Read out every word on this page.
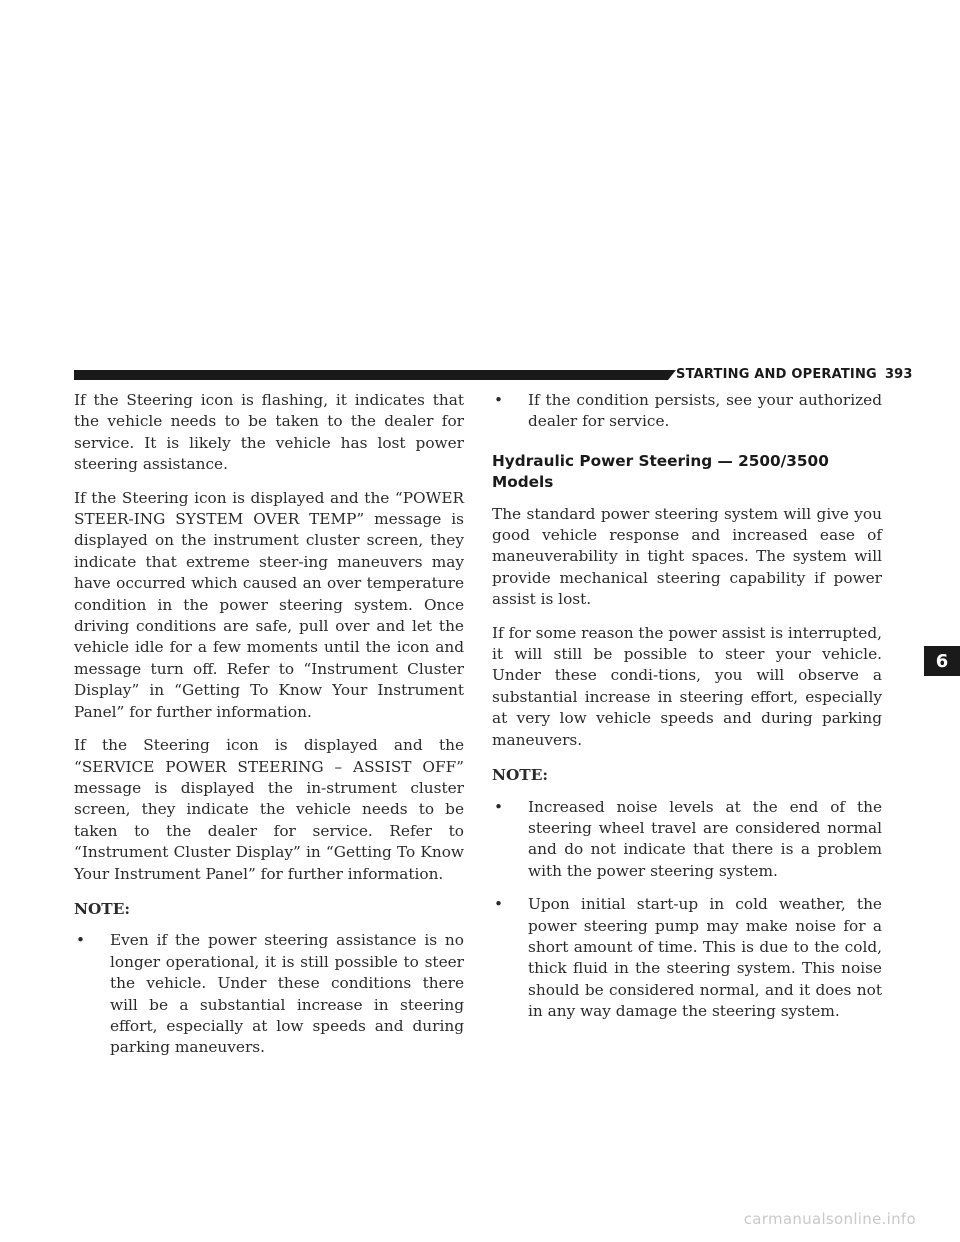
STARTING AND OPERATING 393

If the Steering icon is flashing, it indicates that the vehicle needs to be taken to the dealer for service. It is likely the vehicle has lost power steering assistance.

If the Steering icon is displayed and the “POWER STEER-ING SYSTEM OVER TEMP” message is displayed on the instrument cluster screen, they indicate that extreme steer-ing maneuvers may have occurred which caused an over temperature condition in the power steering system. Once driving conditions are safe, pull over and let the vehicle idle for a few moments until the icon and message turn off. Refer to “Instrument Cluster Display” in “Getting To Know Your Instrument Panel” for further information.

If the Steering icon is displayed and the “SERVICE POWER STEERING – ASSIST OFF” message is displayed the in-strument cluster screen, they indicate the vehicle needs to be taken to the dealer for service. Refer to “Instrument Cluster Display” in “Getting To Know Your Instrument Panel” for further information.

NOTE:
• Even if the power steering assistance is no longer operational, it is still possible to steer the vehicle. Under these conditions there will be a substantial increase in steering effort, especially at low speeds and during parking maneuvers.
• If the condition persists, see your authorized dealer for service.
Hydraulic Power Steering — 2500/3500 Models

The standard power steering system will give you good vehicle response and increased ease of maneuverability in tight spaces. The system will provide mechanical steering capability if power assist is lost.

If for some reason the power assist is interrupted, it will still be possible to steer your vehicle. Under these condi-tions, you will observe a substantial increase in steering effort, especially at very low vehicle speeds and during parking maneuvers.

NOTE:
• Increased noise levels at the end of the steering wheel travel are considered normal and do not indicate that there is a problem with the power steering system.
• Upon initial start-up in cold weather, the power steering pump may make noise for a short amount of time. This is due to the cold, thick fluid in the steering system. This noise should be considered normal, and it does not in any way damage the steering system.
6
carmanualsonline.info
